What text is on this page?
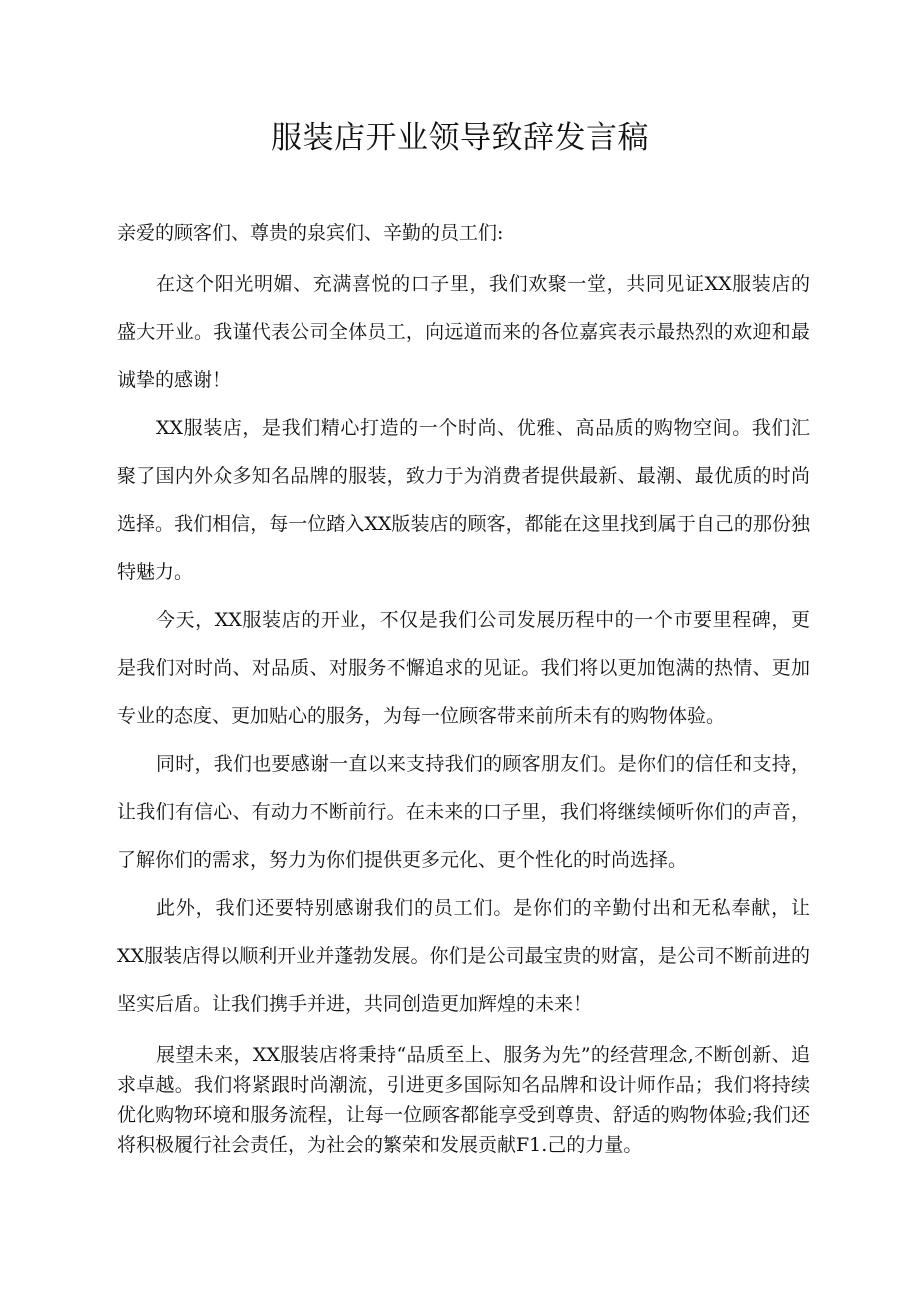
服装店开业领导致辞发言稿

亲爱的顾客们、尊贵的泉宾们、辛勤的员工们:

在这个阳光明媚、充满喜悦的口子里，我们欢聚一堂，共同见证XX服装店的盛大开业。我谨代表公司全体员工，向远道而来的各位嘉宾表示最热烈的欢迎和最诚挚的感谢！

XX服装店，是我们精心打造的一个时尚、优雅、高品质的购物空间。我们汇聚了国内外众多知名品牌的服装，致力于为消费者提供最新、最潮、最优质的时尚选择。我们相信，每一位踏入XX版装店的顾客，都能在这里找到属于自己的那份独特魅力。

今天，XX服装店的开业，不仅是我们公司发展历程中的一个市要里程碑，更是我们对时尚、对品质、对服务不懈追求的见证。我们将以更加饱满的热情、更加专业的态度、更加贴心的服务，为每一位顾客带来前所未有的购物体验。

同时，我们也要感谢一直以来支持我们的顾客朋友们。是你们的信任和支持，让我们有信心、有动力不断前行。在未来的口子里，我们将继续倾听你们的声音，了解你们的需求，努力为你们提供更多元化、更个性化的时尚选择。

此外，我们还要特别感谢我们的员工们。是你们的辛勤付出和无私奉献，让XX服装店得以顺利开业并蓬勃发展。你们是公司最宝贵的财富，是公司不断前进的坚实后盾。让我们携手并进，共同创造更加辉煌的未来！

展望未来，XX服装店将秉持“品质至上、服务为先”的经营理念,不断创新、追求卓越。我们将紧跟时尚潮流，引进更多国际知名品牌和设计师作品；我们将持续优化购物环境和服务流程，让每一位顾客都能享受到尊贵、舒适的购物体验;我们还将积极履行社会责任，为社会的繁荣和发展贡献F1.己的力量。
